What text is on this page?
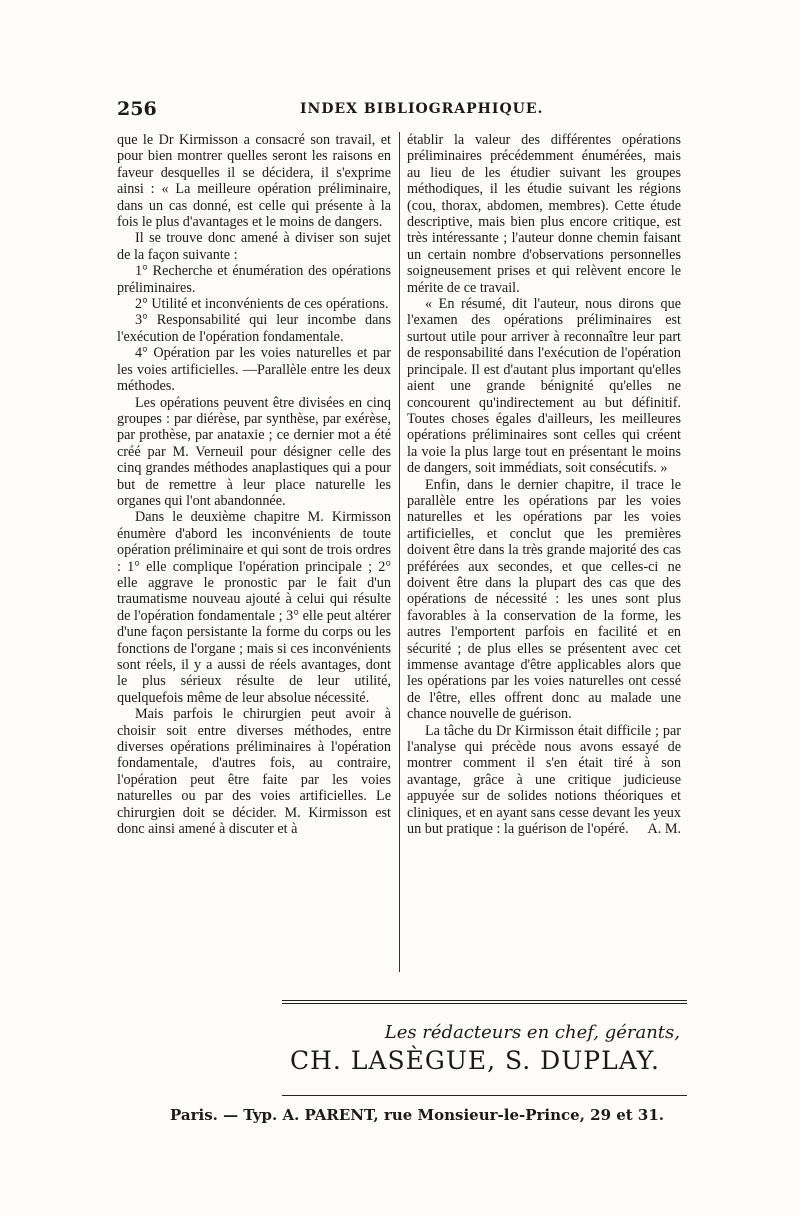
256	INDEX BIBLIOGRAPHIQUE.

que le Dr Kirmisson a consacré son travail, et pour bien montrer quelles seront les raisons en faveur desquelles il se décidera, il s'exprime ainsi : « La meilleure opération préliminaire, dans un cas donné, est celle qui présente à la fois le plus d'avantages et le moins de dangers.

Il se trouve donc amené à diviser son sujet de la façon suivante :

1° Recherche et énumération des opérations préliminaires.

2° Utilité et inconvénients de ces opérations.

3° Responsabilité qui leur incombe dans l'exécution de l'opération fondamentale.

4° Opération par les voies naturelles et par les voies artificielles. —Parallèle entre les deux méthodes.

Les opérations peuvent être divisées en cinq groupes : par diérèse, par synthèse, par exérèse, par prothèse, par anataxie ; ce dernier mot a été créé par M. Verneuil pour désigner celle des cinq grandes méthodes anaplastiques qui a pour but de remettre à leur place naturelle les organes qui l'ont abandonnée.

Dans le deuxième chapitre M. Kirmisson énumère d'abord les inconvénients de toute opération préliminaire et qui sont de trois ordres : 1° elle complique l'opération principale ; 2° elle aggrave le pronostic par le fait d'un traumatisme nouveau ajouté à celui qui résulte de l'opération fondamentale ; 3° elle peut altérer d'une façon persistante la forme du corps ou les fonctions de l'organe ; mais si ces inconvénients sont réels, il y a aussi de réels avantages, dont le plus sérieux résulte de leur utilité, quelquefois même de leur absolue nécessité.

Mais parfois le chirurgien peut avoir à choisir soit entre diverses méthodes, entre diverses opérations préliminaires à l'opération fondamentale, d'autres fois, au contraire, l'opération peut être faite par les voies naturelles ou par des voies artificielles. Le chirurgien doit se décider. M. Kirmisson est donc ainsi amené à discuter et à

établir la valeur des différentes opérations préliminaires précédemment énumérées, mais au lieu de les étudier suivant les groupes méthodiques, il les étudie suivant les régions (cou, thorax, abdomen, membres). Cette étude descriptive, mais bien plus encore critique, est très intéressante ; l'auteur donne chemin faisant un certain nombre d'observations personnelles soigneusement prises et qui relèvent encore le mérite de ce travail.

« En résumé, dit l'auteur, nous dirons que l'examen des opérations préliminaires est surtout utile pour arriver à reconnaître leur part de responsabilité dans l'exécution de l'opération principale. Il est d'autant plus important qu'elles aient une grande bénignité qu'elles ne concourent qu'indirectement au but définitif. Toutes choses égales d'ailleurs, les meilleures opérations préliminaires sont celles qui créent la voie la plus large tout en présentant le moins de dangers, soit immédiats, soit consécutifs. »

Enfin, dans le dernier chapitre, il trace le parallèle entre les opérations par les voies naturelles et les opérations par les voies artificielles, et conclut que les premières doivent être dans la très grande majorité des cas préférées aux secondes, et que celles-ci ne doivent être dans la plupart des cas que des opérations de nécessité : les unes sont plus favorables à la conservation de la forme, les autres l'emportent parfois en facilité et en sécurité ; de plus elles se présentent avec cet immense avantage d'être applicables alors que les opérations par les voies naturelles ont cessé de l'être, elles offrent donc au malade une chance nouvelle de guérison.

La tâche du Dr Kirmisson était difficile ; par l'analyse qui précède nous avons essayé de montrer comment il s'en était tiré à son avantage, grâce à une critique judicieuse appuyée sur de solides notions théoriques et cliniques, et en ayant sans cesse devant les yeux un but pratique : la guérison de l'opéré.	A. M.

Les rédacteurs en chef, gérants,
CH. LASÈGUE, S. DUPLAY.
Paris. — Typ. A. PARENT, rue Monsieur-le-Prince, 29 et 31.
